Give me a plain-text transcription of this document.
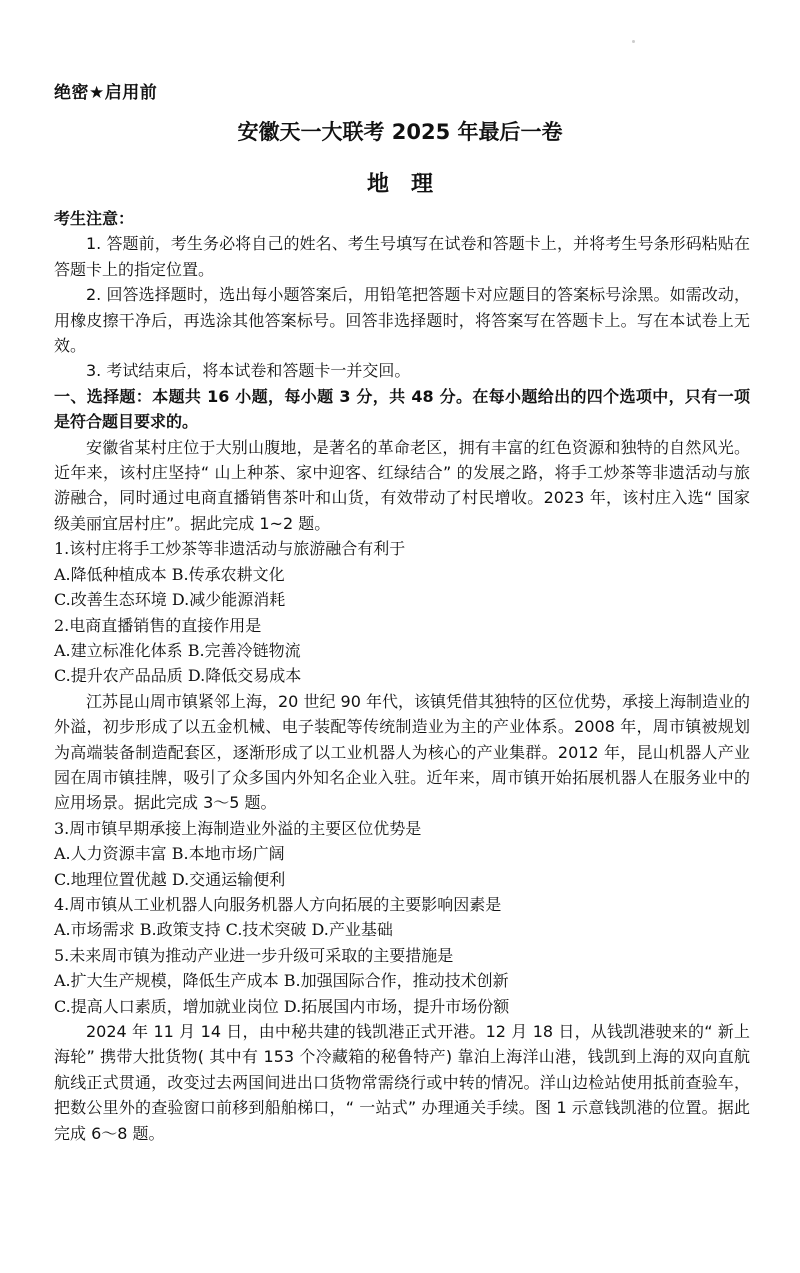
绝密★启用前
安徽天一大联考 2025 年最后一卷
地理

考生注意：

1. 答题前，考生务必将自己的姓名、考生号填写在试卷和答题卡上，并将考生号条形码粘贴在答题卡上的指定位置。

2. 回答选择题时，选出每小题答案后，用铅笔把答题卡对应题目的答案标号涂黑。如需改动，用橡皮擦干净后，再选涂其他答案标号。回答非选择题时，将答案写在答题卡上。写在本试卷上无效。

3. 考试结束后，将本试卷和答题卡一并交回。

一、选择题：本题共 16 小题，每小题 3 分，共 48 分。在每小题给出的四个选项中，只有一项是符合题目要求的。

安徽省某村庄位于大别山腹地，是著名的革命老区，拥有丰富的红色资源和独特的自然风光。近年来，该村庄坚持“ 山上种茶、家中迎客、红绿结合” 的发展之路，将手工炒茶等非遗活动与旅游融合，同时通过电商直播销售茶叶和山货，有效带动了村民增收。2023 年，该村庄入选“ 国家级美丽宜居村庄”。据此完成 1~2 题。

1.该村庄将手工炒茶等非遗活动与旅游融合有利于

A.降低种植成本 B.传承农耕文化

C.改善生态环境 D.减少能源消耗

2.电商直播销售的直接作用是

A.建立标准化体系 B.完善冷链物流

C.提升农产品品质 D.降低交易成本

江苏昆山周市镇紧邻上海，20 世纪 90 年代，该镇凭借其独特的区位优势，承接上海制造业的外溢，初步形成了以五金机械、电子装配等传统制造业为主的产业体系。2008 年，周市镇被规划为高端装备制造配套区，逐渐形成了以工业机器人为核心的产业集群。2012 年，昆山机器人产业园在周市镇挂牌，吸引了众多国内外知名企业入驻。近年来，周市镇开始拓展机器人在服务业中的应用场景。据此完成 3～5 题。

3.周市镇早期承接上海制造业外溢的主要区位优势是

A.人力资源丰富 B.本地市场广阔

C.地理位置优越 D.交通运输便利

4.周市镇从工业机器人向服务机器人方向拓展的主要影响因素是

A.市场需求 B.政策支持 C.技术突破 D.产业基础

5.未来周市镇为推动产业进一步升级可采取的主要措施是

A.扩大生产规模，降低生产成本 B.加强国际合作，推动技术创新

C.提高人口素质，增加就业岗位 D.拓展国内市场，提升市场份额

2024 年 11 月 14 日，由中秘共建的钱凯港正式开港。12 月 18 日，从钱凯港驶来的“ 新上海轮” 携带大批货物( 其中有 153 个冷藏箱的秘鲁特产) 靠泊上海洋山港，钱凯到上海的双向直航航线正式贯通，改变过去两国间进出口货物常需绕行或中转的情况。洋山边检站使用抵前查验车，把数公里外的查验窗口前移到船舶梯口，“ 一站式” 办理通关手续。图 1 示意钱凯港的位置。据此完成 6～8 题。
